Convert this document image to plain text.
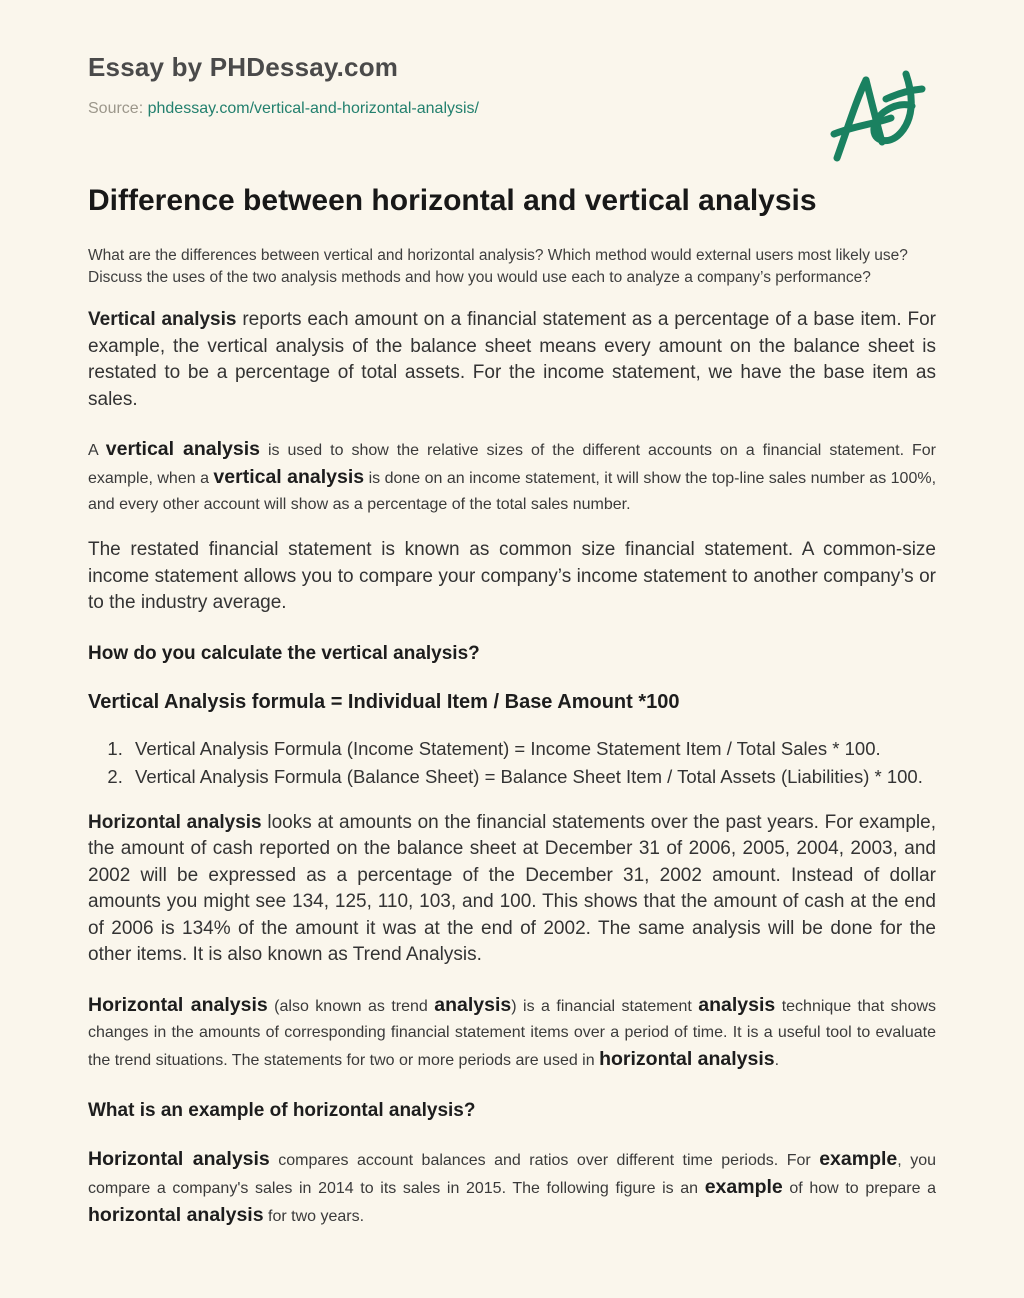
Essay by PHDessay.com
Source: phdessay.com/vertical-and-horizontal-analysis/
Difference between horizontal and vertical analysis

What are the differences between vertical and horizontal analysis? Which method would external users most likely use? Discuss the uses of the two analysis methods and how you would use each to analyze a company’s performance?

Vertical analysis reports each amount on a financial statement as a percentage of a base item. For example, the vertical analysis of the balance sheet means every amount on the balance sheet is restated to be a percentage of total assets. For the income statement, we have the base item as sales.

A vertical analysis is used to show the relative sizes of the different accounts on a financial statement. For example, when a vertical analysis is done on an income statement, it will show the top-line sales number as 100%, and every other account will show as a percentage of the total sales number.

The restated financial statement is known as common size financial statement. A common-size income statement allows you to compare your company’s income statement to another company’s or to the industry average.

How do you calculate the vertical analysis?

Vertical Analysis formula = Individual Item / Base Amount *100

1. Vertical Analysis Formula (Income Statement) = Income Statement Item / Total Sales * 100.
2. Vertical Analysis Formula (Balance Sheet) = Balance Sheet Item / Total Assets (Liabilities) * 100.

Horizontal analysis looks at amounts on the financial statements over the past years. For example, the amount of cash reported on the balance sheet at December 31 of 2006, 2005, 2004, 2003, and 2002 will be expressed as a percentage of the December 31, 2002 amount. Instead of dollar amounts you might see 134, 125, 110, 103, and 100. This shows that the amount of cash at the end of 2006 is 134% of the amount it was at the end of 2002. The same analysis will be done for the other items. It is also known as Trend Analysis.

Horizontal analysis (also known as trend analysis) is a financial statement analysis technique that shows changes in the amounts of corresponding financial statement items over a period of time. It is a useful tool to evaluate the trend situations. The statements for two or more periods are used in horizontal analysis.

What is an example of horizontal analysis?

Horizontal analysis compares account balances and ratios over different time periods. For example, you compare a company's sales in 2014 to its sales in 2015. The following figure is an example of how to prepare a horizontal analysis for two years.
